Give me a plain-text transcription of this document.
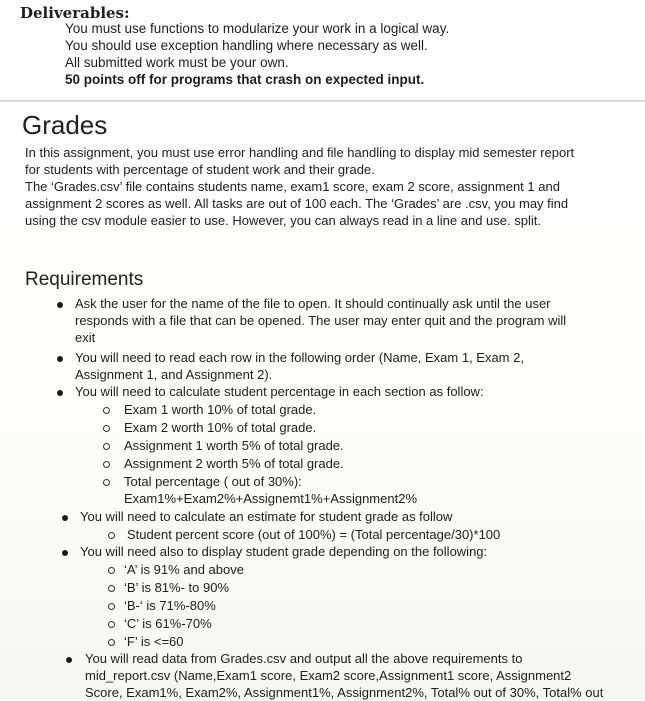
Deliverables:
You must use functions to modularize your work in a logical way.
You should use exception handling where necessary as well.
All submitted work must be your own.
50 points off for programs that crash on expected input.
Grades
In this assignment, you must use error handling and file handling to display mid semester report
for students with percentage of student work and their grade.
The ‘Grades.csv’ file contains students name, exam1 score, exam 2 score, assignment 1 and
assignment 2 scores as well. All tasks are out of 100 each. The ‘Grades’ are .csv, you may find
using the csv module easier to use. However, you can always read in a line and use. split.
Requirements
Ask the user for the name of the file to open. It should continually ask until the user
responds with a file that can be opened. The user may enter quit and the program will
exit
You will need to read each row in the following order (Name, Exam 1, Exam 2,
Assignment 1, and Assignment 2).
You will need to calculate student percentage in each section as follow:
Exam 1 worth 10% of total grade.
Exam 2 worth 10% of total grade.
Assignment 1 worth 5% of total grade.
Assignment 2 worth 5% of total grade.
Total percentage ( out of 30%):
Exam1%+Exam2%+Assignemt1%+Assignment2%
You will need to calculate an estimate for student grade as follow
Student percent score (out of 100%) = (Total percentage/30)*100
You will need also to display student grade depending on the following:
‘A’ is 91% and above
‘B’ is 81%- to 90%
‘B-‘ is 71%-80%
‘C’ is 61%-70%
‘F’ is <=60
You will read data from Grades.csv and output all the above requirements to
mid_report.csv (Name,Exam1 score, Exam2 score,Assignment1 score, Assignment2
Score, Exam1%, Exam2%, Assignment1%, Assignment2%, Total% out of 30%, Total% out
